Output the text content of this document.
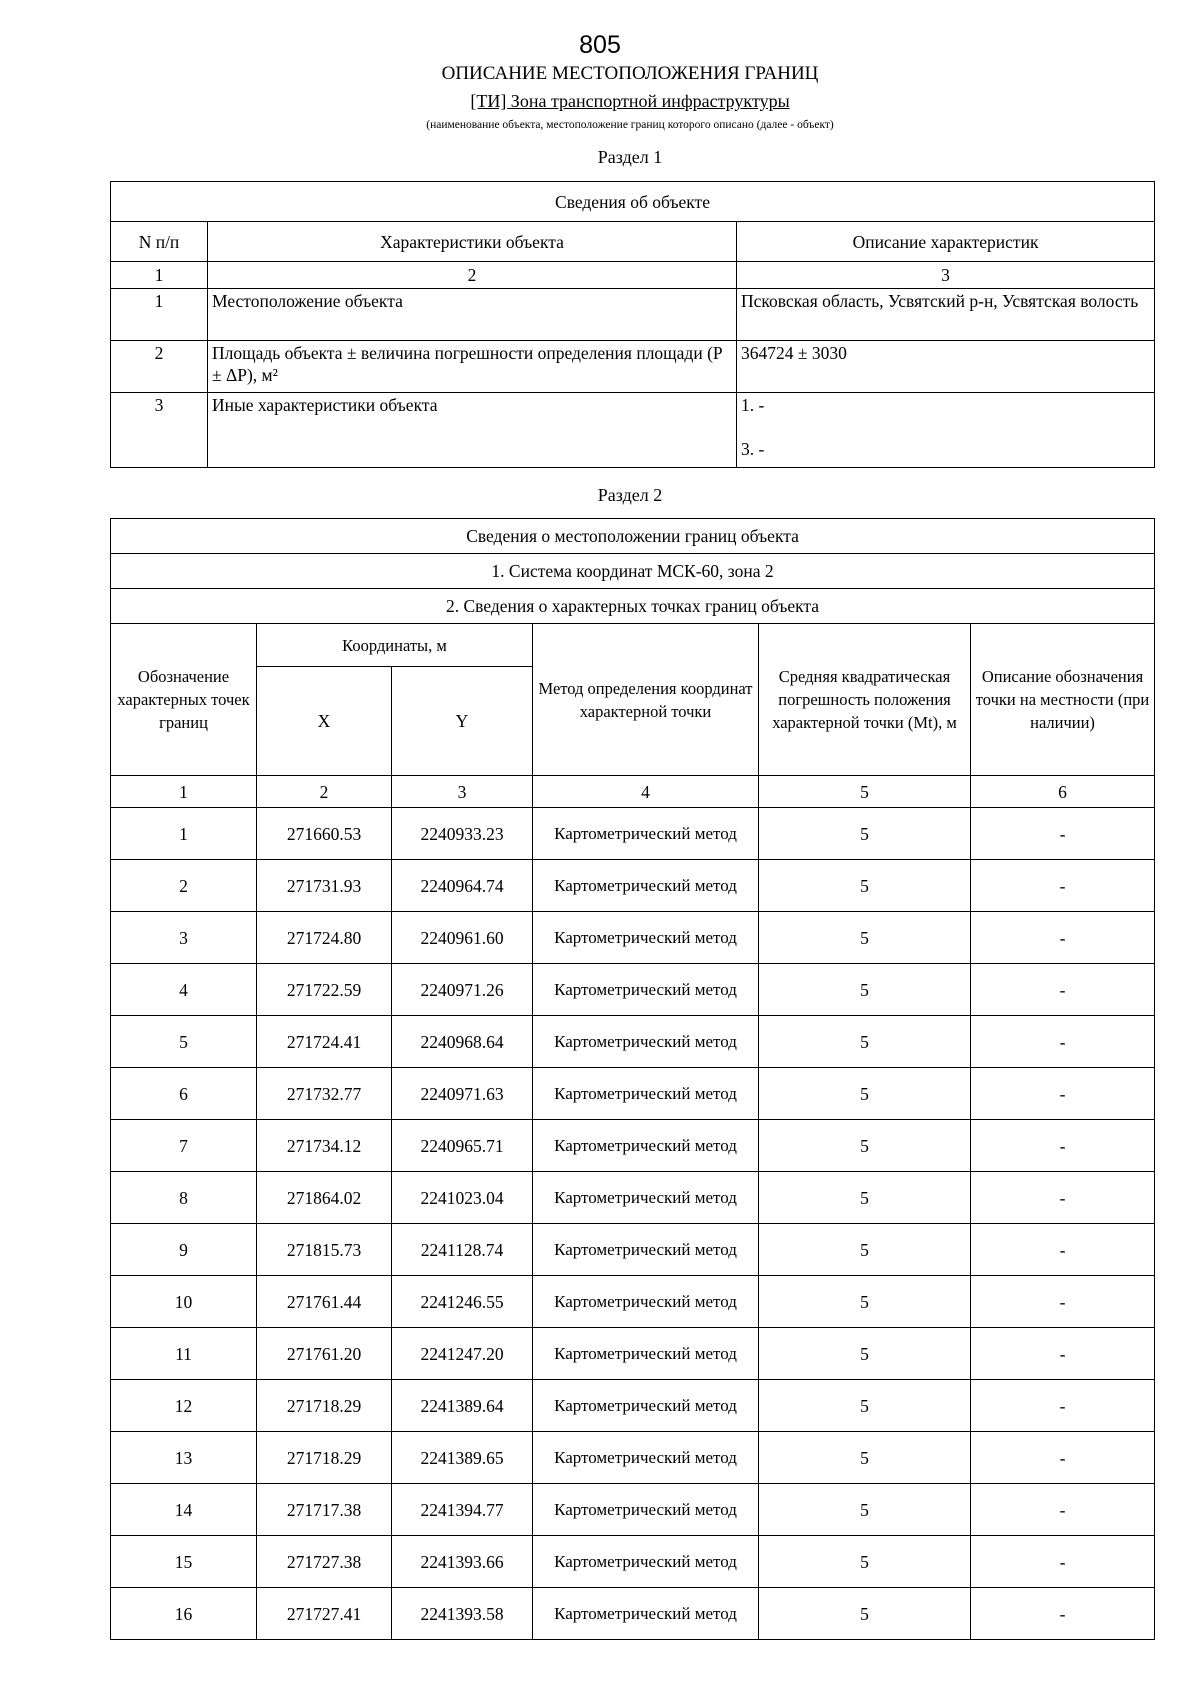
805
ОПИСАНИЕ МЕСТОПОЛОЖЕНИЯ ГРАНИЦ
[ТИ] Зона транспортной инфраструктуры
(наименование объекта, местоположение границ которого описано (далее - объект)
Раздел 1
Сведения об объекте		
N п/п	Характеристики объекта	Описание характеристик
1	2	3
1	Местоположение объекта	Псковская область, Усвятский р-н, Усвятская волость
2	Площадь объекта ± величина погрешности определения площади (P ± ΔP), м²	364724 ± 3030
3	Иные характеристики объекта	1. -
3. -
Раздел 2
Сведения о местоположении границ объекта					
1. Система координат МСК-60, зона 2					
2. Сведения о характерных точках границ объекта					
Обозначение характерных точек границ	Координаты, м		Метод определения координат характерной точки	Средняя квадратическая погрешность положения характерной точки (Mt), м	Описание обозначения точки на местности (при наличии)
	X	Y			
1	2	3	4	5	6
1	271660.53	2240933.23	Картометрический метод	5	-
2	271731.93	2240964.74	Картометрический метод	5	-
3	271724.80	2240961.60	Картометрический метод	5	-
4	271722.59	2240971.26	Картометрический метод	5	-
5	271724.41	2240968.64	Картометрический метод	5	-
6	271732.77	2240971.63	Картометрический метод	5	-
7	271734.12	2240965.71	Картометрический метод	5	-
8	271864.02	2241023.04	Картометрический метод	5	-
9	271815.73	2241128.74	Картометрический метод	5	-
10	271761.44	2241246.55	Картометрический метод	5	-
11	271761.20	2241247.20	Картометрический метод	5	-
12	271718.29	2241389.64	Картометрический метод	5	-
13	271718.29	2241389.65	Картометрический метод	5	-
14	271717.38	2241394.77	Картометрический метод	5	-
15	271727.38	2241393.66	Картометрический метод	5	-
16	271727.41	2241393.58	Картометрический метод	5	-
